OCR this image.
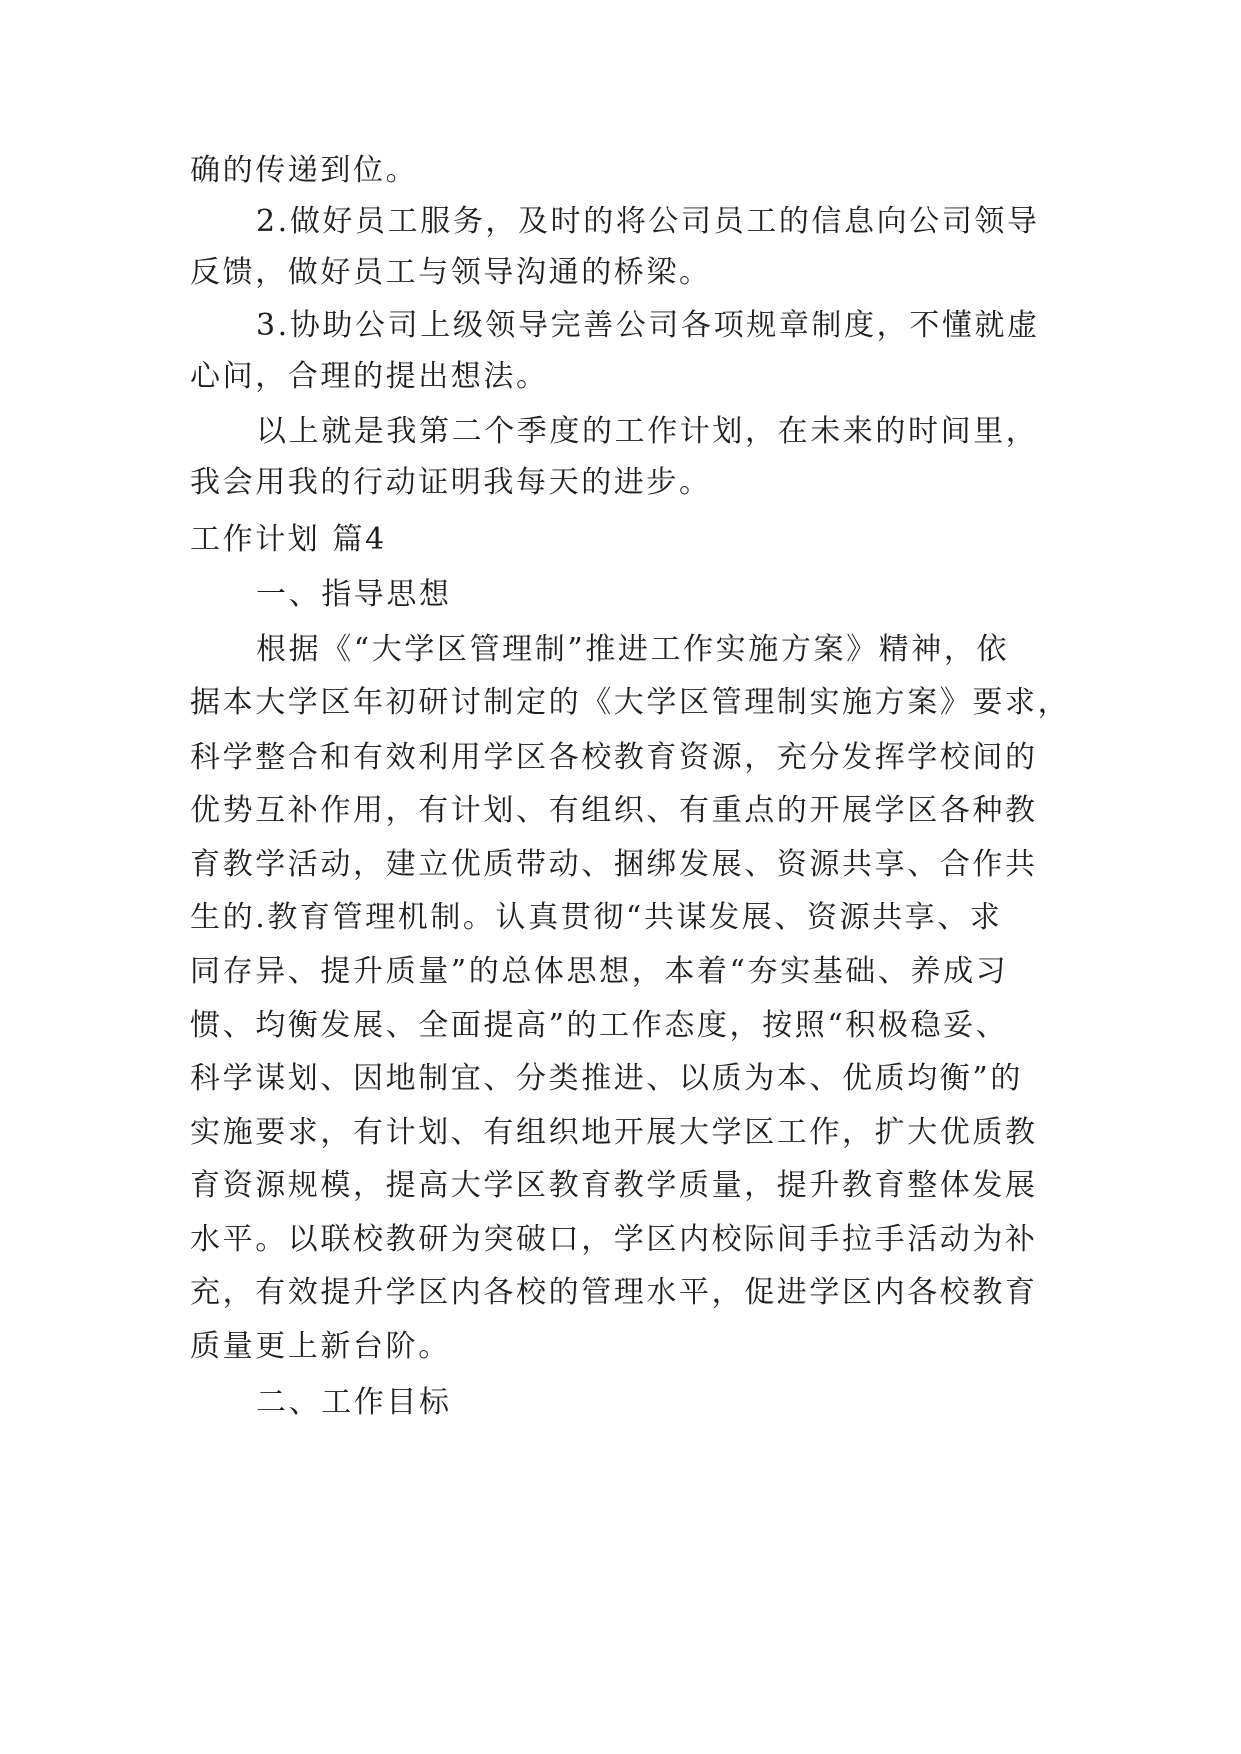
确的传递到位。
2.做好员工服务，及时的将公司员工的信息向公司领导
反馈，做好员工与领导沟通的桥梁。
3.协助公司上级领导完善公司各项规章制度，不懂就虚
心问，合理的提出想法。
以上就是我第二个季度的工作计划，在未来的时间里，
我会用我的行动证明我每天的进步。
工作计划 篇4
一、指导思想
根据《“大学区管理制”推进工作实施方案》精神，依
据本大学区年初研讨制定的《大学区管理制实施方案》要求，
科学整合和有效利用学区各校教育资源，充分发挥学校间的
优势互补作用，有计划、有组织、有重点的开展学区各种教
育教学活动，建立优质带动、捆绑发展、资源共享、合作共
生的.教育管理机制。认真贯彻“共谋发展、资源共享、求
同存异、提升质量”的总体思想，本着“夯实基础、养成习
惯、均衡发展、全面提高”的工作态度，按照“积极稳妥、
科学谋划、因地制宜、分类推进、以质为本、优质均衡”的
实施要求，有计划、有组织地开展大学区工作，扩大优质教
育资源规模，提高大学区教育教学质量，提升教育整体发展
水平。以联校教研为突破口，学区内校际间手拉手活动为补
充，有效提升学区内各校的管理水平，促进学区内各校教育
质量更上新台阶。
二、工作目标
